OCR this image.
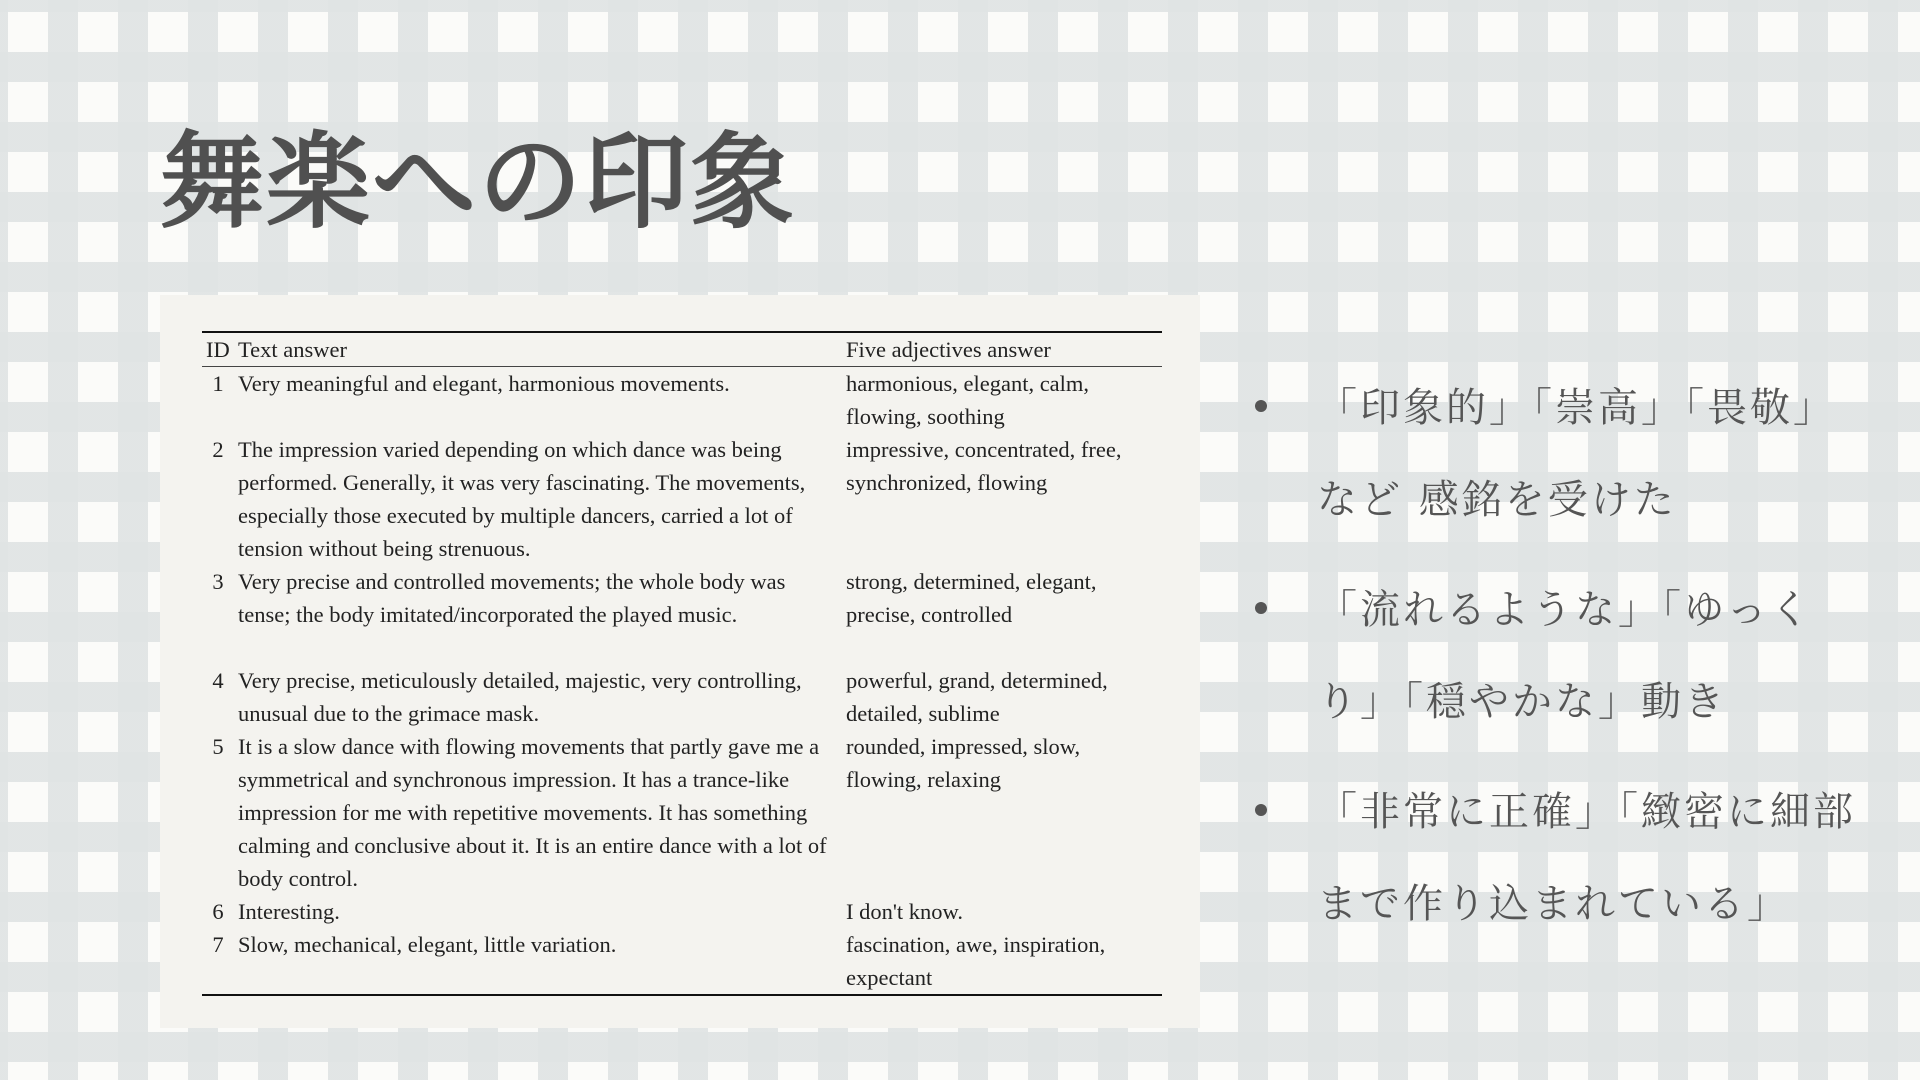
舞楽への印象
ID	Text answer	Five adjectives answer
1	Very meaningful and elegant, harmonious movements.	harmonious, elegant, calm, flowing, soothing
2	The impression varied depending on which dance was being performed. Generally, it was very fascinating. The movements, especially those executed by multiple dancers, carried a lot of tension without being strenuous.	impressive, concentrated, free, synchronized, flowing
3	Very precise and controlled movements; the whole body was tense; the body imitated/incorporated the played music.	strong, determined, elegant, precise, controlled
4	Very precise, meticulously detailed, majestic, very controlling, unusual due to the grimace mask.	powerful, grand, determined, detailed, sublime
5	It is a slow dance with flowing movements that partly gave me a symmetrical and synchronous impression. It has a trance-like impression for me with repetitive movements. It has something calming and conclusive about it. It is an entire dance with a lot of body control.	rounded, impressed, slow, flowing, relaxing
6	Interesting.	I don't know.
7	Slow, mechanical, elegant, little variation.	fascination, awe, inspiration, expectant
「印象的」「崇高」「畏敬」など 感銘を受けた
「流れるような」「ゆっくり」「穏やかな」動き
「非常に正確」「緻密に細部まで作り込まれている」
